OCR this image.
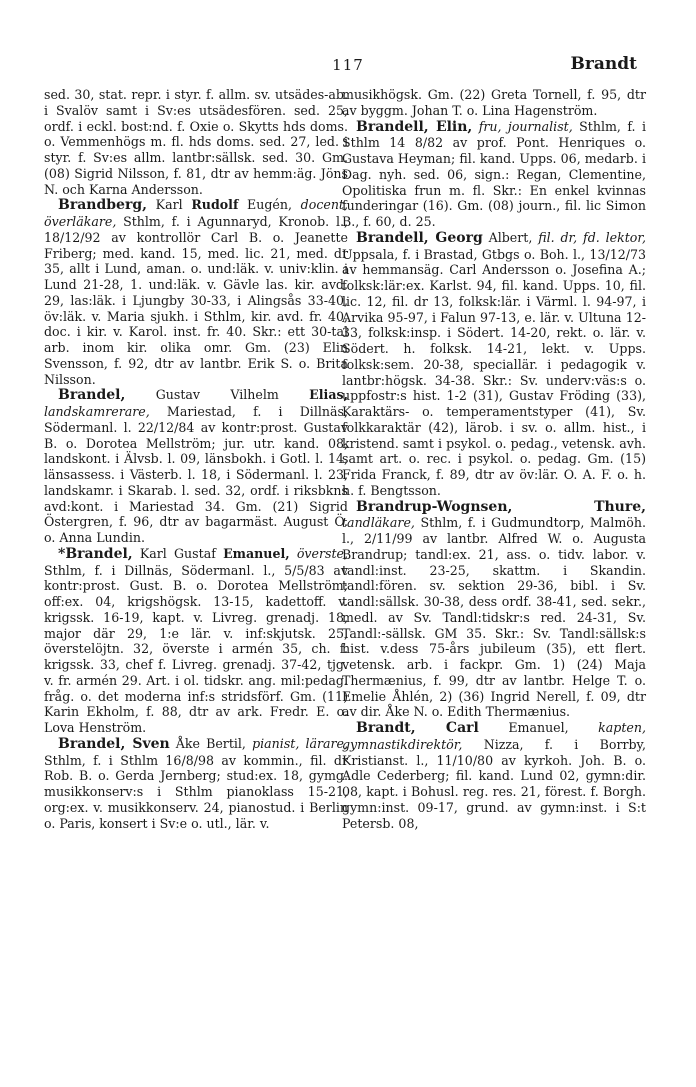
117	Brandt

sed. 30, stat. repr. i styr. f. allm. sv. utsädes-ab. i Svalöv samt i Sv:es utsädesfören. sed. 25, ordf. i eckl. bost:nd. f. Oxie o. Skytts hds doms. o. Vemmenhögs m. fl. hds doms. sed. 27, led. i styr. f. Sv:es allm. lantbr:sällsk. sed. 30. Gm. (08) Sigrid Nilsson, f. 81, dtr av hemm:äg. Jöns N. och Karna Andersson.

Brandberg, Karl Rudolf Eugén, docent, överläkare, Sthlm, f. i Agunnaryd, Kronob. l., 18/12/92 av kontrollör Carl B. o. Jeanette Friberg; med. kand. 15, med. lic. 21, med. dr 35, allt i Lund, aman. o. und:läk. v. univ:klin. i Lund 21-28, 1. und:läk. v. Gävle las. kir. avd. 29, las:läk. i Ljungby 30-33, i Alingsås 33-40, öv:läk. v. Maria sjukh. i Sthlm, kir. avd. fr. 40, doc. i kir. v. Karol. inst. fr. 40. Skr.: ett 30-tal arb. inom kir. olika omr. Gm. (23) Elin Svensson, f. 92, dtr av lantbr. Erik S. o. Brita Nilsson.

Brandel, Gustav Vilhelm Elias, landskamrerare, Mariestad, f. i Dillnäs, Södermanl. l. 22/12/84 av kontr:prost. Gustav B. o. Dorotea Mellström; jur. utr. kand. 08, landskont. i Älvsb. l. 09, länsbokh. i Gotl. l. 14, länsassess. i Västerb. l. 18, i Södermanl. l. 23, landskamr. i Skarab. l. sed. 32, ordf. i riksbkns avd:kont. i Mariestad 34. Gm. (21) Sigrid Östergren, f. 96, dtr av bagarmäst. August Ö. o. Anna Lundin.

*Brandel, Karl Gustaf Emanuel, överste, Sthlm, f. i Dillnäs, Södermanl. l., 5/5/83 av kontr:prost. Gust. B. o. Dorotea Mellström; off:ex. 04, krigshögsk. 13-15, kadettoff. v. krigssk. 16-19, kapt. v. Livreg. grenadj. 18, major där 29, 1:e lär. v. inf:skjutsk. 25, överstelöjtn. 32, överste i armén 35, ch. f. krigssk. 33, chef f. Livreg. grenadj. 37-42, tjg. v. fr. armén 29. Art. i ol. tidskr. ang. mil:pedag. fråg. o. det moderna inf:s stridsförf. Gm. (11) Karin Ekholm, f. 88, dtr av ark. Fredr. E. o. Lova Henström.

Brandel, Sven Åke Bertil, pianist, lärare, Sthlm, f. i Sthlm 16/8/98 av kommin., fil. dr Rob. B. o. Gerda Jernberg; stud:ex. 18, gymg. musikkonserv:s i Sthlm pianoklass 15-21, org:ex. v. musikkonserv. 24, pianostud. i Berlin o. Paris, konsert i Sv:e o. utl., lär. v.

musikhögsk. Gm. (22) Greta Tornell, f. 95, dtr av byggm. Johan T. o. Lina Hagenström.

Brandell, Elin, fru, journalist, Sthlm, f. i Sthlm 14 8/82 av prof. Pont. Henriques o. Gustava Heyman; fil. kand. Upps. 06, medarb. i Dag. nyh. sed. 06, sign.: Regan, Clementine, Opolitiska frun m. fl. Skr.: En enkel kvinnas funderingar (16). Gm. (08) journ., fil. lic Simon B., f. 60, d. 25.

Brandell, Georg Albert, fil. dr, fd. lektor, Uppsala, f. i Brastad, Gtbgs o. Boh. l., 13/12/73 av hemmansäg. Carl Andersson o. Josefina A.; folksk:lär:ex. Karlst. 94, fil. kand. Upps. 10, fil. lic. 12, fil. dr 13, folksk:lär. i Värml. l. 94-97, i Arvika 95-97, i Falun 97-13, e. lär. v. Ultuna 12-33, folksk:insp. i Södert. 14-20, rekt. o. lär. v. Södert. h. folksk. 14-21, lekt. v. Upps. folksk:sem. 20-38, speciallär. i pedagogik v. lantbr:högsk. 34-38. Skr.: Sv. underv:väs:s o. uppfostr:s hist. 1-2 (31), Gustav Fröding (33), Karaktärs- o. temperamentstyper (41), Sv. folkkaraktär (42), lärob. i sv. o. allm. hist., i kristend. samt i psykol. o. pedag., vetensk. avh. samt art. o. rec. i psykol. o. pedag. Gm. (15) Frida Franck, f. 89, dtr av öv:lär. O. A. F. o. h. h. f. Bengtsson.

Brandrup-Wognsen, Thure, tandläkare, Sthlm, f. i Gudmundtorp, Malmöh. l., 2/11/99 av lantbr. Alfred W. o. Augusta Brandrup; tandl:ex. 21, ass. o. tidv. labor. v. tandl:inst. 23-25, skattm. i Skandin. tandl:fören. sv. sektion 29-36, bibl. i Sv. tandl:sällsk. 30-38, dess ordf. 38-41, sed. sekr., medl. av Sv. Tandl:tidskr:s red. 24-31, Sv. Tandl:-sällsk. GM 35. Skr.: Sv. Tandl:sällsk:s hist. v.dess 75-års jubileum (35), ett flert. vetensk. arb. i fackpr. Gm. 1) (24) Maja Thermænius, f. 99, dtr av lantbr. Helge T. o. Emelie Åhlén, 2) (36) Ingrid Nerell, f. 09, dtr av dir. Åke N. o. Edith Thermænius.

Brandt, Carl Emanuel, kapten, gymnastikdirektör, Nizza, f. i Borrby, Kristianst. l., 11/10/80 av kyrkoh. Joh. B. o. Adle Cederberg; fil. kand. Lund 02, gymn:dir. 08, kapt. i Bohusl. reg. res. 21, förest. f. Borgh. gymn:inst. 09-17, grund. av gymn:inst. i S:t Petersb. 08,
